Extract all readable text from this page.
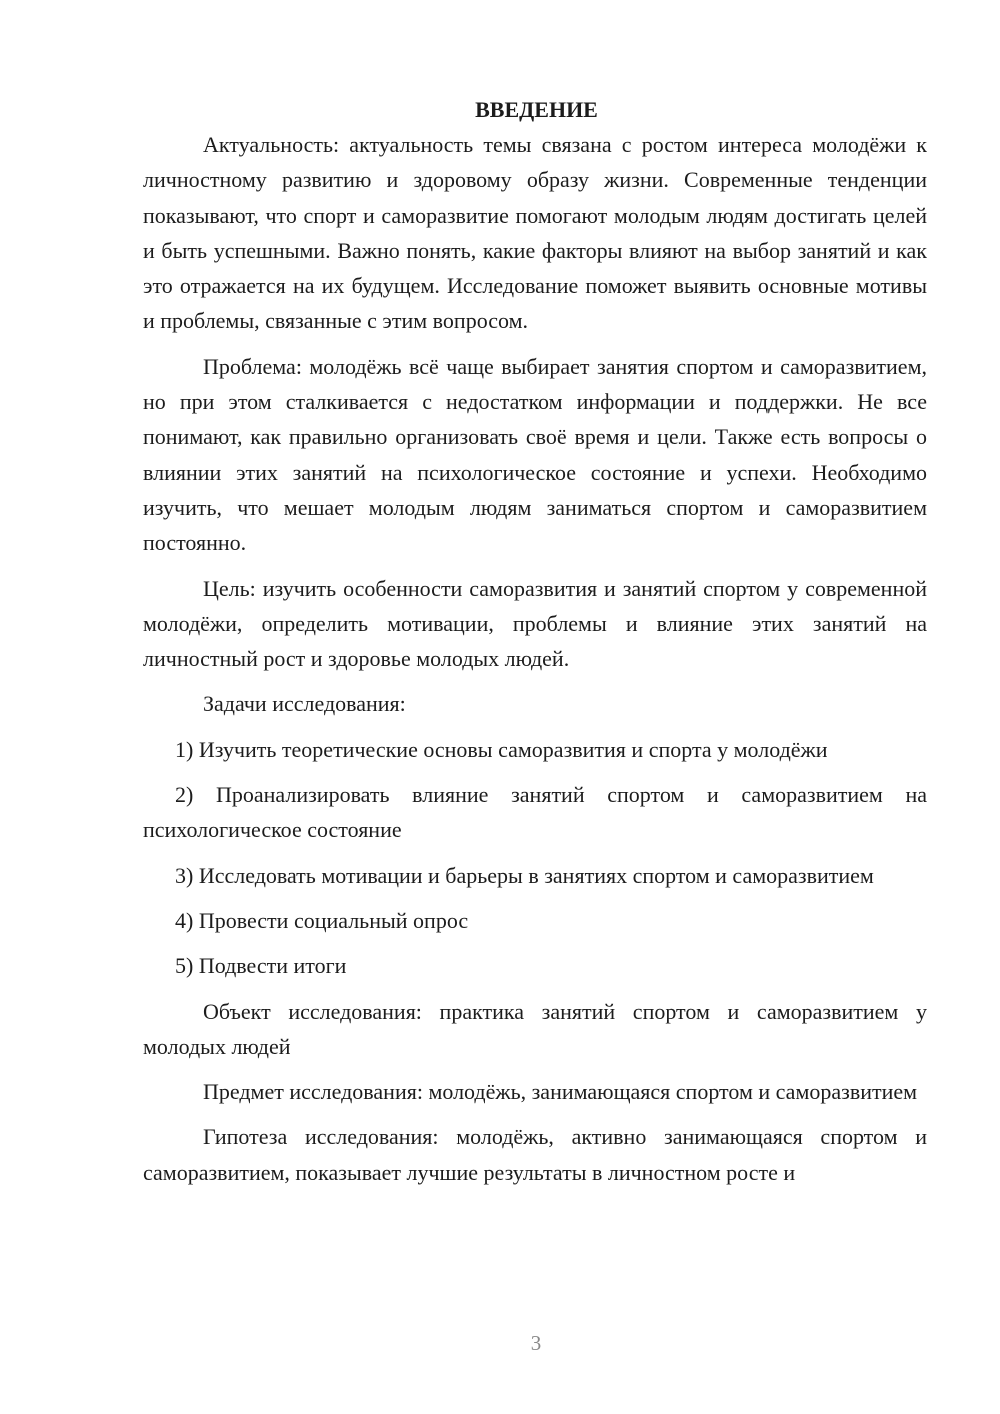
ВВЕДЕНИЕ

Актуальность: актуальность темы связана с ростом интереса молодёжи к личностному развитию и здоровому образу жизни. Современные тенденции показывают, что спорт и саморазвитие помогают молодым людям достигать целей и быть успешными. Важно понять, какие факторы влияют на выбор занятий и как это отражается на их будущем. Исследование поможет выявить основные мотивы и проблемы, связанные с этим вопросом.

Проблема: молодёжь всё чаще выбирает занятия спортом и саморазвитием, но при этом сталкивается с недостатком информации и поддержки. Не все понимают, как правильно организовать своё время и цели. Также есть вопросы о влиянии этих занятий на психологическое состояние и успехи. Необходимо изучить, что мешает молодым людям заниматься спортом и саморазвитием постоянно.

Цель: изучить особенности саморазвития и занятий спортом у современной молодёжи, определить мотивации, проблемы и влияние этих занятий на личностный рост и здоровье молодых людей.

Задачи исследования:

1) Изучить теоретические основы саморазвития и спорта у молодёжи

2) Проанализировать влияние занятий спортом и саморазвитием на психологическое состояние

3) Исследовать мотивации и барьеры в занятиях спортом и саморазвитием

4) Провести социальный опрос

5) Подвести итоги

Объект исследования: практика занятий спортом и саморазвитием у молодых людей

Предмет исследования: молодёжь, занимающаяся спортом и саморазвитием

Гипотеза исследования: молодёжь, активно занимающаяся спортом и саморазвитием, показывает лучшие результаты в личностном росте и

3
